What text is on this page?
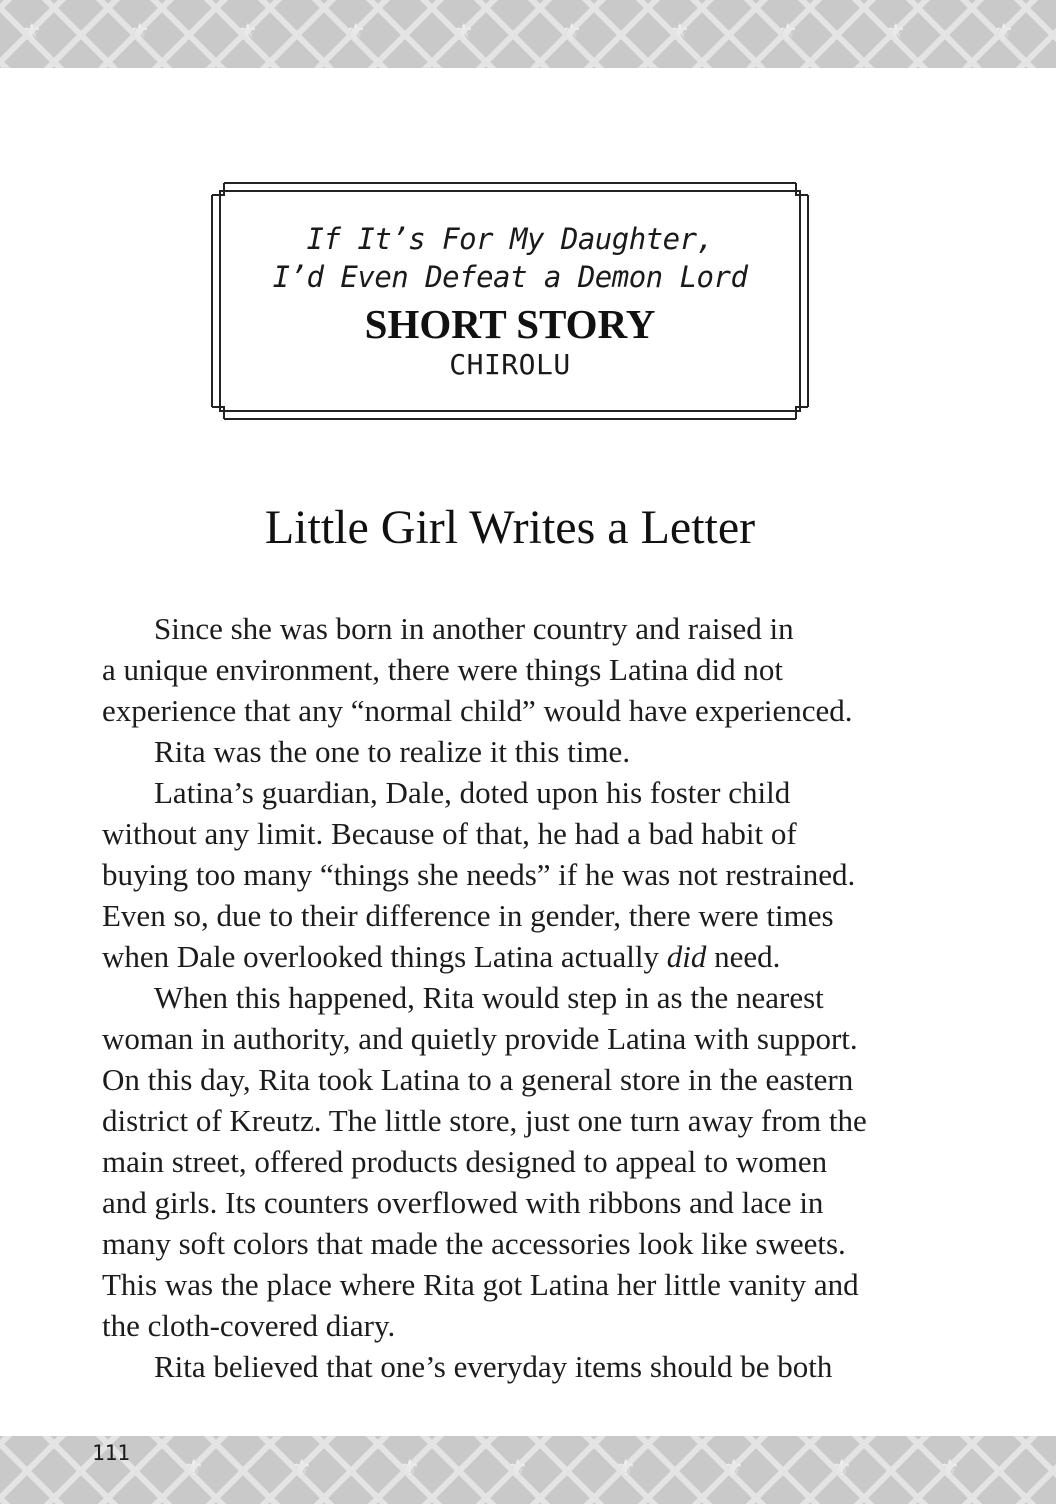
⚜	⚜	⚜	⚜	⚜	⚜	⚜	⚜	⚜	⚜
If It’s For My Daughter,
I’d Even Defeat a Demon Lord
SHORT STORY
CHIROLU
Little Girl Writes a Letter
Since she was born in another country and raised in
a unique environment, there were things Latina did not
experience that any “normal child” would have experienced.
Rita was the one to realize it this time.
Latina’s guardian, Dale, doted upon his foster child
without any limit. Because of that, he had a bad habit of
buying too many “things she needs” if he was not restrained.
Even so, due to their difference in gender, there were times
when Dale overlooked things Latina actually did need.
When this happened, Rita would step in as the nearest
woman in authority, and quietly provide Latina with support.
On this day, Rita took Latina to a general store in the eastern
district of Kreutz. The little store, just one turn away from the
main street, offered products designed to appeal to women
and girls. Its counters overflowed with ribbons and lace in
many soft colors that made the accessories look like sweets.
This was the place where Rita got Latina her little vanity and
the cloth-covered diary.
Rita believed that one’s everyday items should be both
⚜	⚜	⚜	⚜	⚜	⚜	⚜	⚜
111
